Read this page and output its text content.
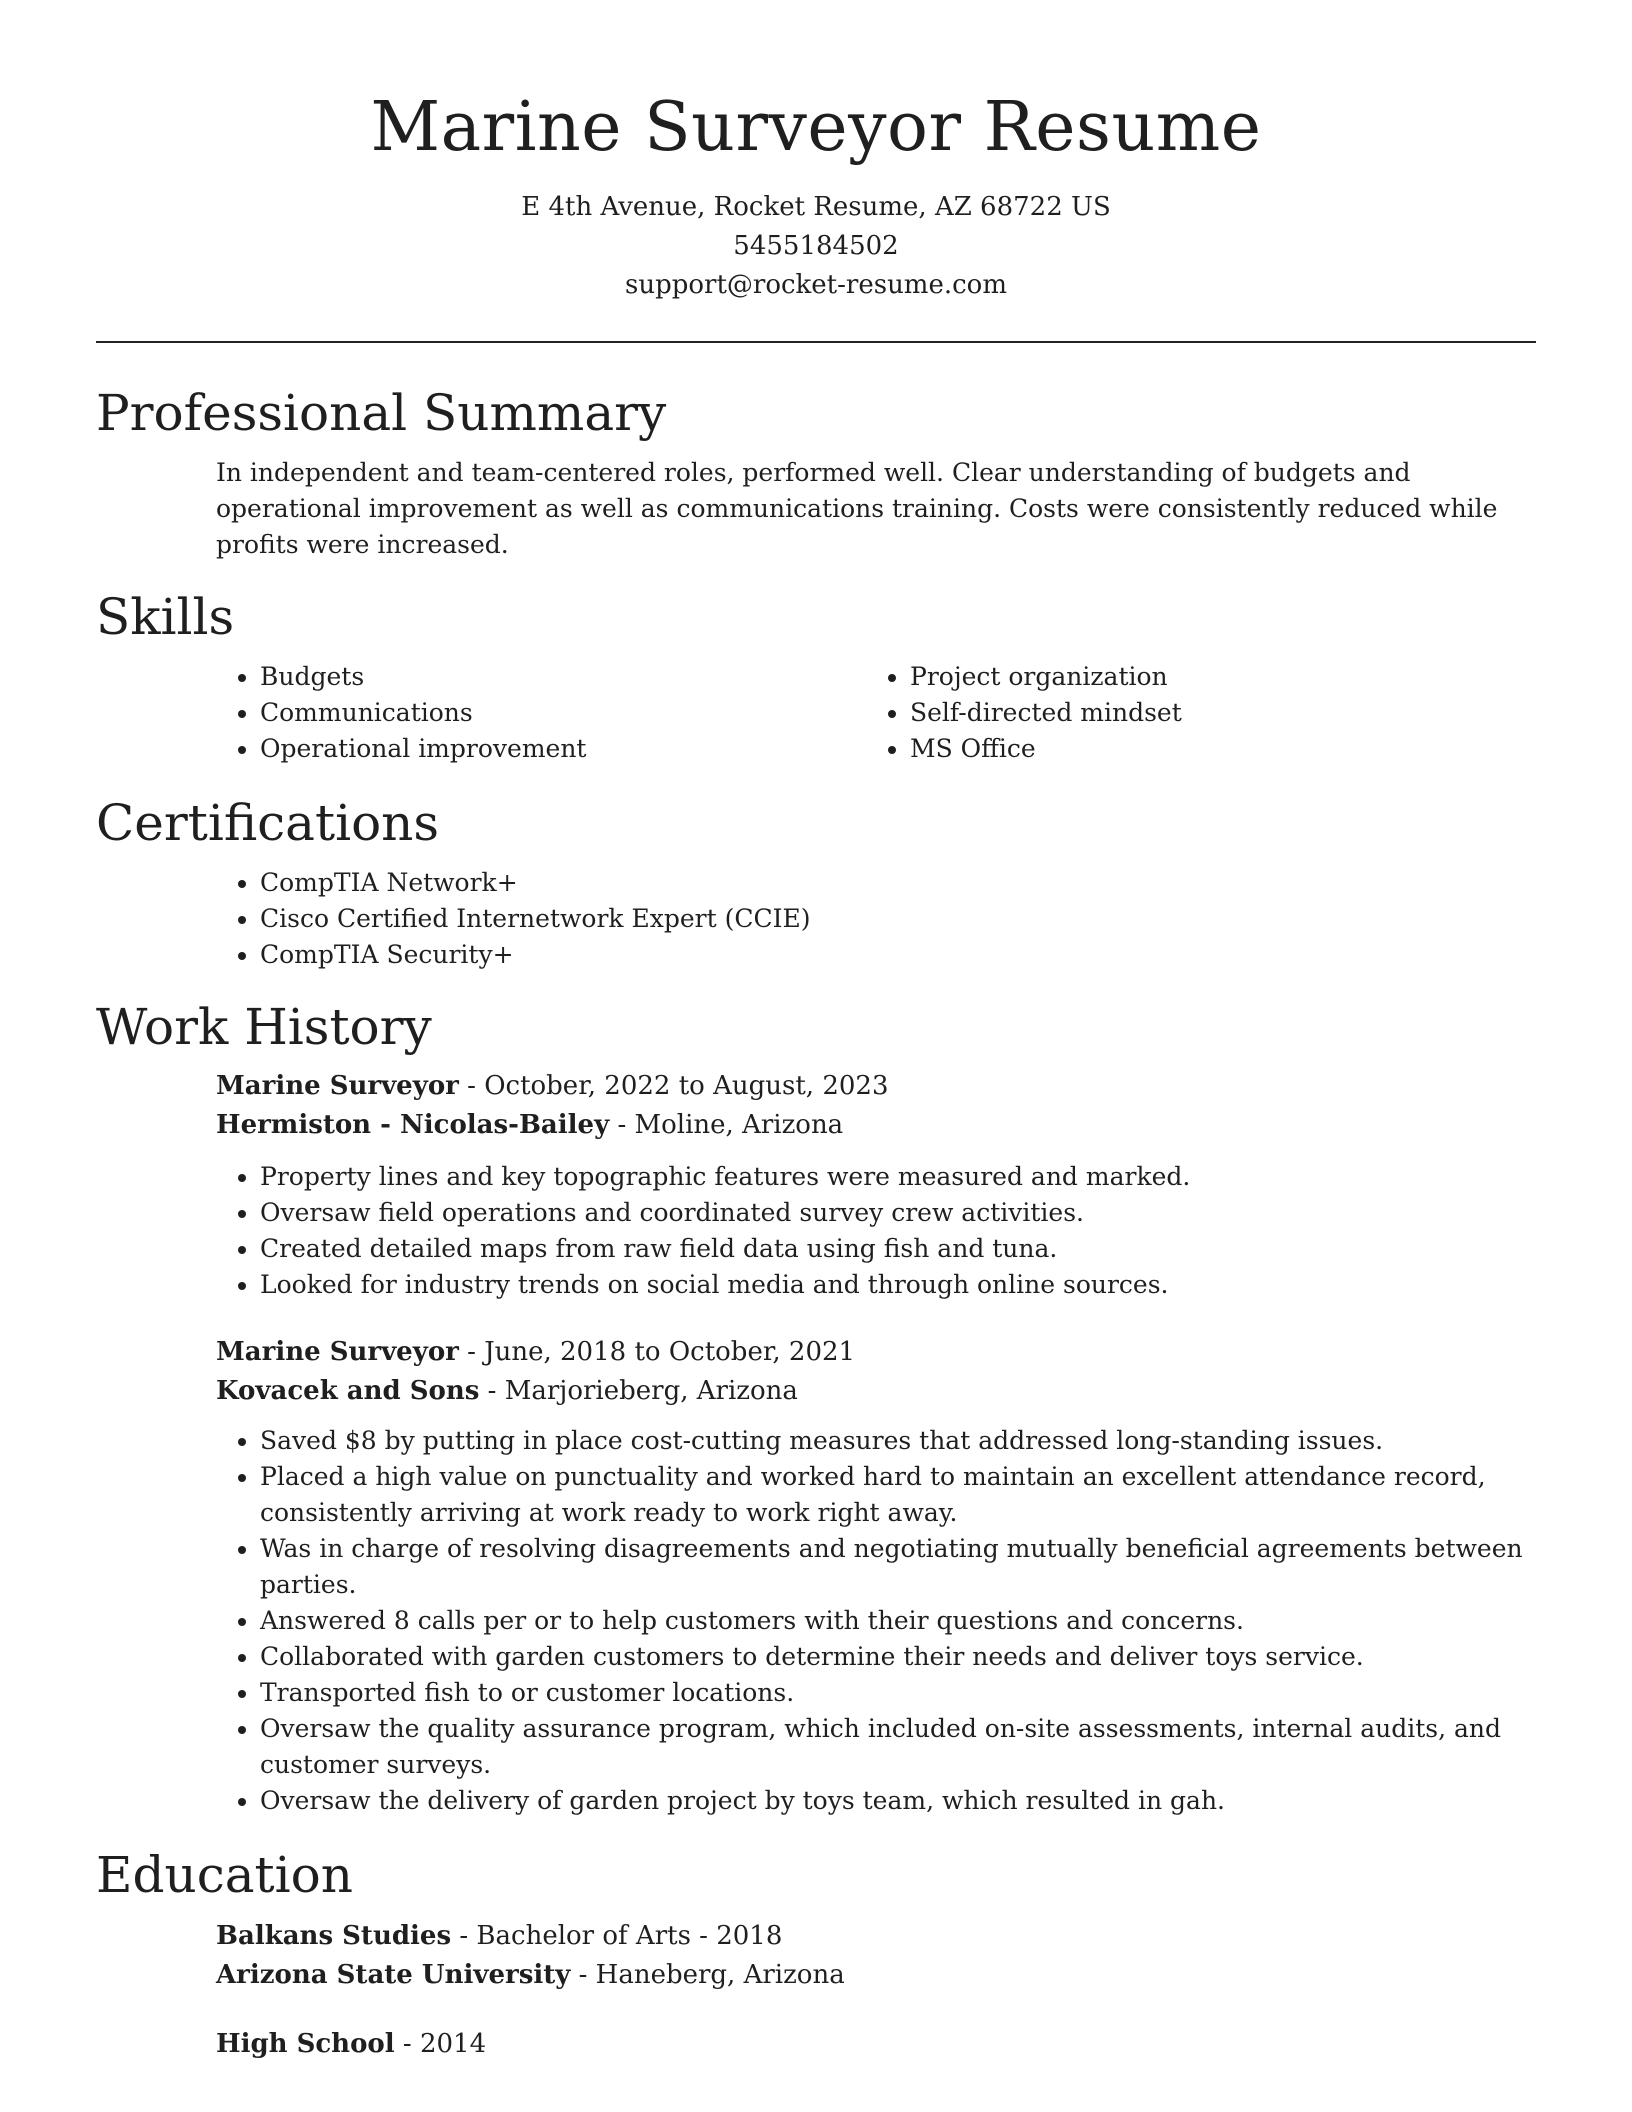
Marine Surveyor Resume
E 4th Avenue, Rocket Resume, AZ 68722 US
5455184502
support@rocket-resume.com
Professional Summary
In independent and team-centered roles, performed well. Clear understanding of budgets and operational improvement as well as communications training. Costs were consistently reduced while profits were increased.
Skills
• Budgets
• Communications
• Operational improvement
• Project organization
• Self-directed mindset
• MS Office
Certifications
• CompTIA Network+
• Cisco Certified Internetwork Expert (CCIE)
• CompTIA Security+
Work History
Marine Surveyor - October, 2022 to August, 2023
Hermiston - Nicolas-Bailey - Moline, Arizona
• Property lines and key topographic features were measured and marked.
• Oversaw field operations and coordinated survey crew activities.
• Created detailed maps from raw field data using fish and tuna.
• Looked for industry trends on social media and through online sources.
Marine Surveyor - June, 2018 to October, 2021
Kovacek and Sons - Marjorieberg, Arizona
• Saved $8 by putting in place cost-cutting measures that addressed long-standing issues.
• Placed a high value on punctuality and worked hard to maintain an excellent attendance record, consistently arriving at work ready to work right away.
• Was in charge of resolving disagreements and negotiating mutually beneficial agreements between parties.
• Answered 8 calls per or to help customers with their questions and concerns.
• Collaborated with garden customers to determine their needs and deliver toys service.
• Transported fish to or customer locations.
• Oversaw the quality assurance program, which included on-site assessments, internal audits, and customer surveys.
• Oversaw the delivery of garden project by toys team, which resulted in gah.
Education
Balkans Studies - Bachelor of Arts - 2018
Arizona State University - Haneberg, Arizona
High School - 2014
